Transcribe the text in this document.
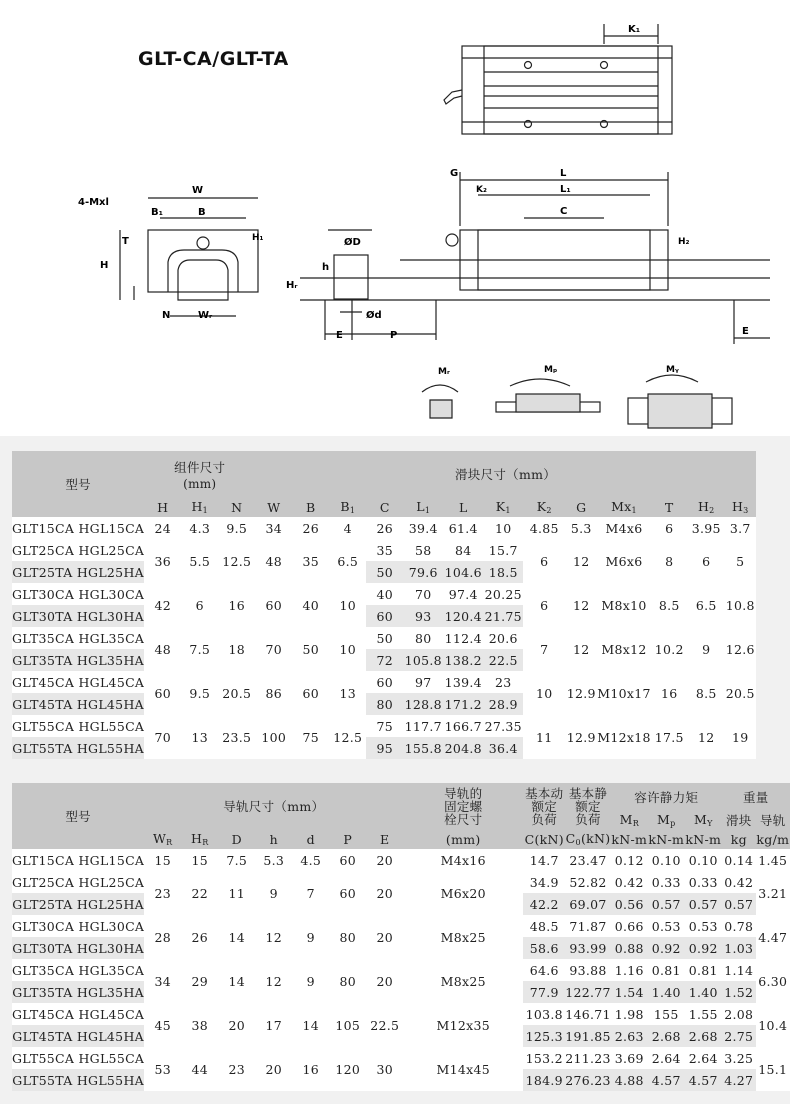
GLT-CA/GLT-TA
K₁
W
4-Mxl
B₁	B
T	H₁
H
N	Wᵣ
G	L
K₂	L₁
C
ØD
h
Hᵣ
Ød
E	P
H₂
E
Mᵣ	Mₚ	Mᵧ
型号	组件尺寸
(mm)			滑块尺寸（mm）												
	H	H1	N	W	B	B1	C	L1	L	K1	K2	G	Mx1	T	H2	H3
GLT15CA HGL15CA	24	4.3	9.5	34	26	4	26	39.4	61.4	10	4.85	5.3	M4x6	6	3.95	3.7
GLT25CA HGL25CA	36	5.5	12.5	48	35	6.5	35	58	84	15.7	6	12	M6x6	8	6	5
GLT25TA HGL25HA							50	79.6	104.6	18.5						
GLT30CA HGL30CA	42	6	16	60	40	10	40	70	97.4	20.25	6	12	M8x10	8.5	6.5	10.8
GLT30TA HGL30HA							60	93	120.4	21.75						
GLT35CA HGL35CA	48	7.5	18	70	50	10	50	80	112.4	20.6	7	12	M8x12	10.2	9	12.6
GLT35TA HGL35HA							72	105.8	138.2	22.5						
GLT45CA HGL45CA	60	9.5	20.5	86	60	13	60	97	139.4	23	10	12.9	M10x17	16	8.5	20.5
GLT45TA HGL45HA							80	128.8	171.2	28.9						
GLT55CA HGL55CA	70	13	23.5	100	75	12.5	75	117.7	166.7	27.35	11	12.9	M12x18	17.5	12	19
GLT55TA HGL55HA							95	155.8	204.8	36.4						
型号	导轨尺寸（mm）							导轨的
固定螺
栓尺寸	基本动
额定
负荷	基本静
额定
负荷	容许静力矩			重量	
											MR	Mp	MY	滑块	导轨
	WR	HR	D	h	d	P	E	(mm)	C(kN)	C0(kN)	kN-m	kN-m	kN-m	kg	kg/m
GLT15CA HGL15CA	15	15	7.5	5.3	4.5	60	20	M4x16	14.7	23.47	0.12	0.10	0.10	0.14	1.45
GLT25CA HGL25CA	23	22	11	9	7	60	20	M6x20	34.9	52.82	0.42	0.33	0.33	0.42	3.21
GLT25TA HGL25HA									42.2	69.07	0.56	0.57	0.57	0.57	
GLT30CA HGL30CA	28	26	14	12	9	80	20	M8x25	48.5	71.87	0.66	0.53	0.53	0.78	4.47
GLT30TA HGL30HA									58.6	93.99	0.88	0.92	0.92	1.03	
GLT35CA HGL35CA	34	29	14	12	9	80	20	M8x25	64.6	93.88	1.16	0.81	0.81	1.14	6.30
GLT35TA HGL35HA									77.9	122.77	1.54	1.40	1.40	1.52	
GLT45CA HGL45CA	45	38	20	17	14	105	22.5	M12x35	103.8	146.71	1.98	155	1.55	2.08	10.4
GLT45TA HGL45HA									125.3	191.85	2.63	2.68	2.68	2.75	
GLT55CA HGL55CA	53	44	23	20	16	120	30	M14x45	153.2	211.23	3.69	2.64	2.64	3.25	15.1
GLT55TA HGL55HA									184.9	276.23	4.88	4.57	4.57	4.27	
